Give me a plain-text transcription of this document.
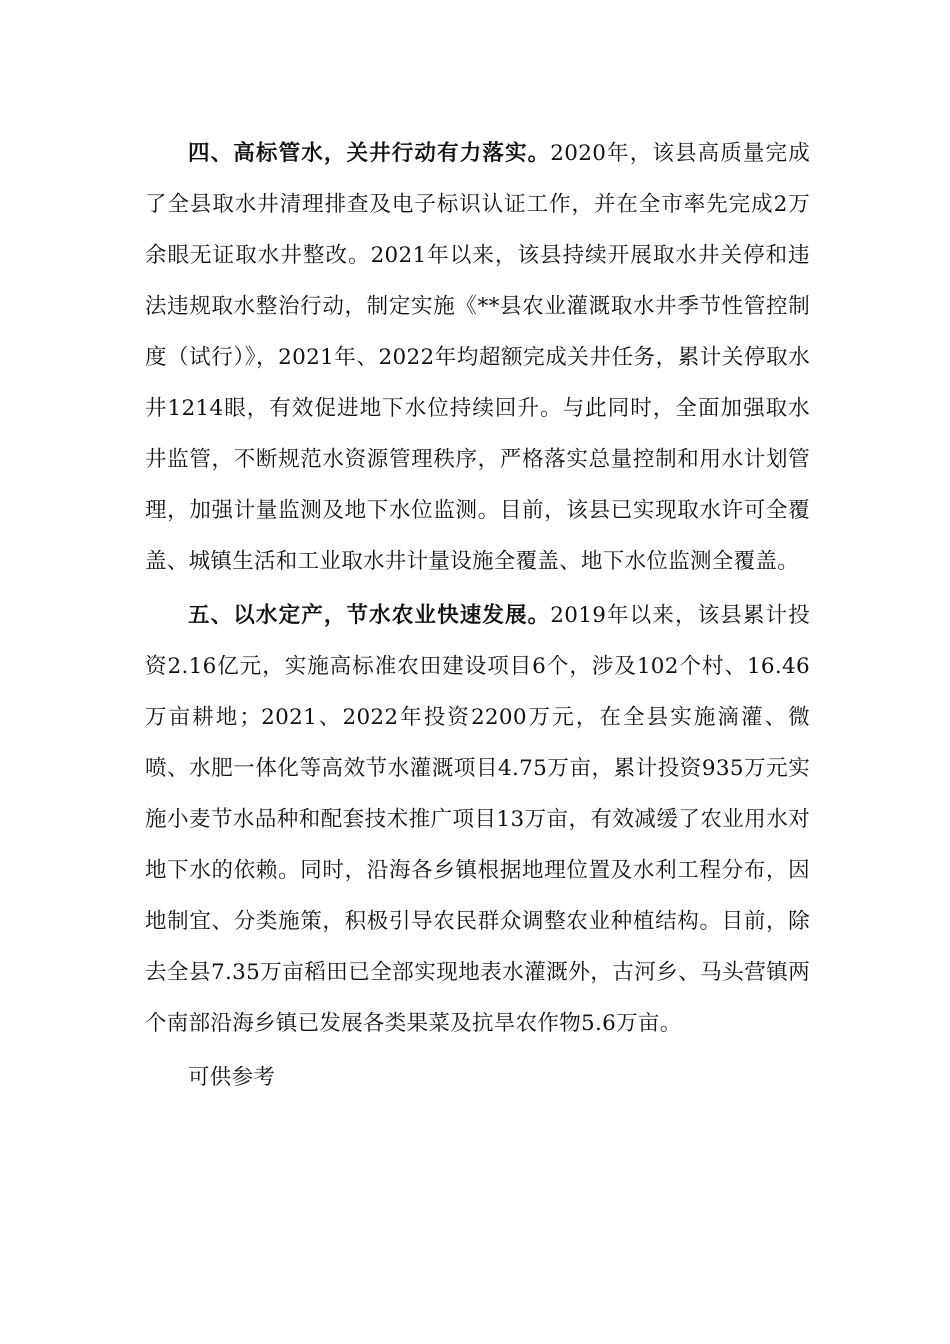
四、高标管水，关井行动有力落实。2020年，该县高质量完成了全县取水井清理排查及电子标识认证工作，并在全市率先完成2万余眼无证取水井整改。2021年以来，该县持续开展取水井关停和违法违规取水整治行动，制定实施《**县农业灌溉取水井季节性管控制度（试行）》，2021年、2022年均超额完成关井任务，累计关停取水井1214眼，有效促进地下水位持续回升。与此同时，全面加强取水井监管，不断规范水资源管理秩序，严格落实总量控制和用水计划管理，加强计量监测及地下水位监测。目前，该县已实现取水许可全覆盖、城镇生活和工业取水井计量设施全覆盖、地下水位监测全覆盖。

五、以水定产，节水农业快速发展。2019年以来，该县累计投资2.16亿元，实施高标准农田建设项目6个，涉及102个村、16.46万亩耕地；2021、2022年投资2200万元，在全县实施滴灌、微喷、水肥一体化等高效节水灌溉项目4.75万亩，累计投资935万元实施小麦节水品种和配套技术推广项目13万亩，有效减缓了农业用水对地下水的依赖。同时，沿海各乡镇根据地理位置及水利工程分布，因地制宜、分类施策，积极引导农民群众调整农业种植结构。目前，除去全县7.35万亩稻田已全部实现地表水灌溉外，古河乡、马头营镇两个南部沿海乡镇已发展各类果菜及抗旱农作物5.6万亩。

可供参考
